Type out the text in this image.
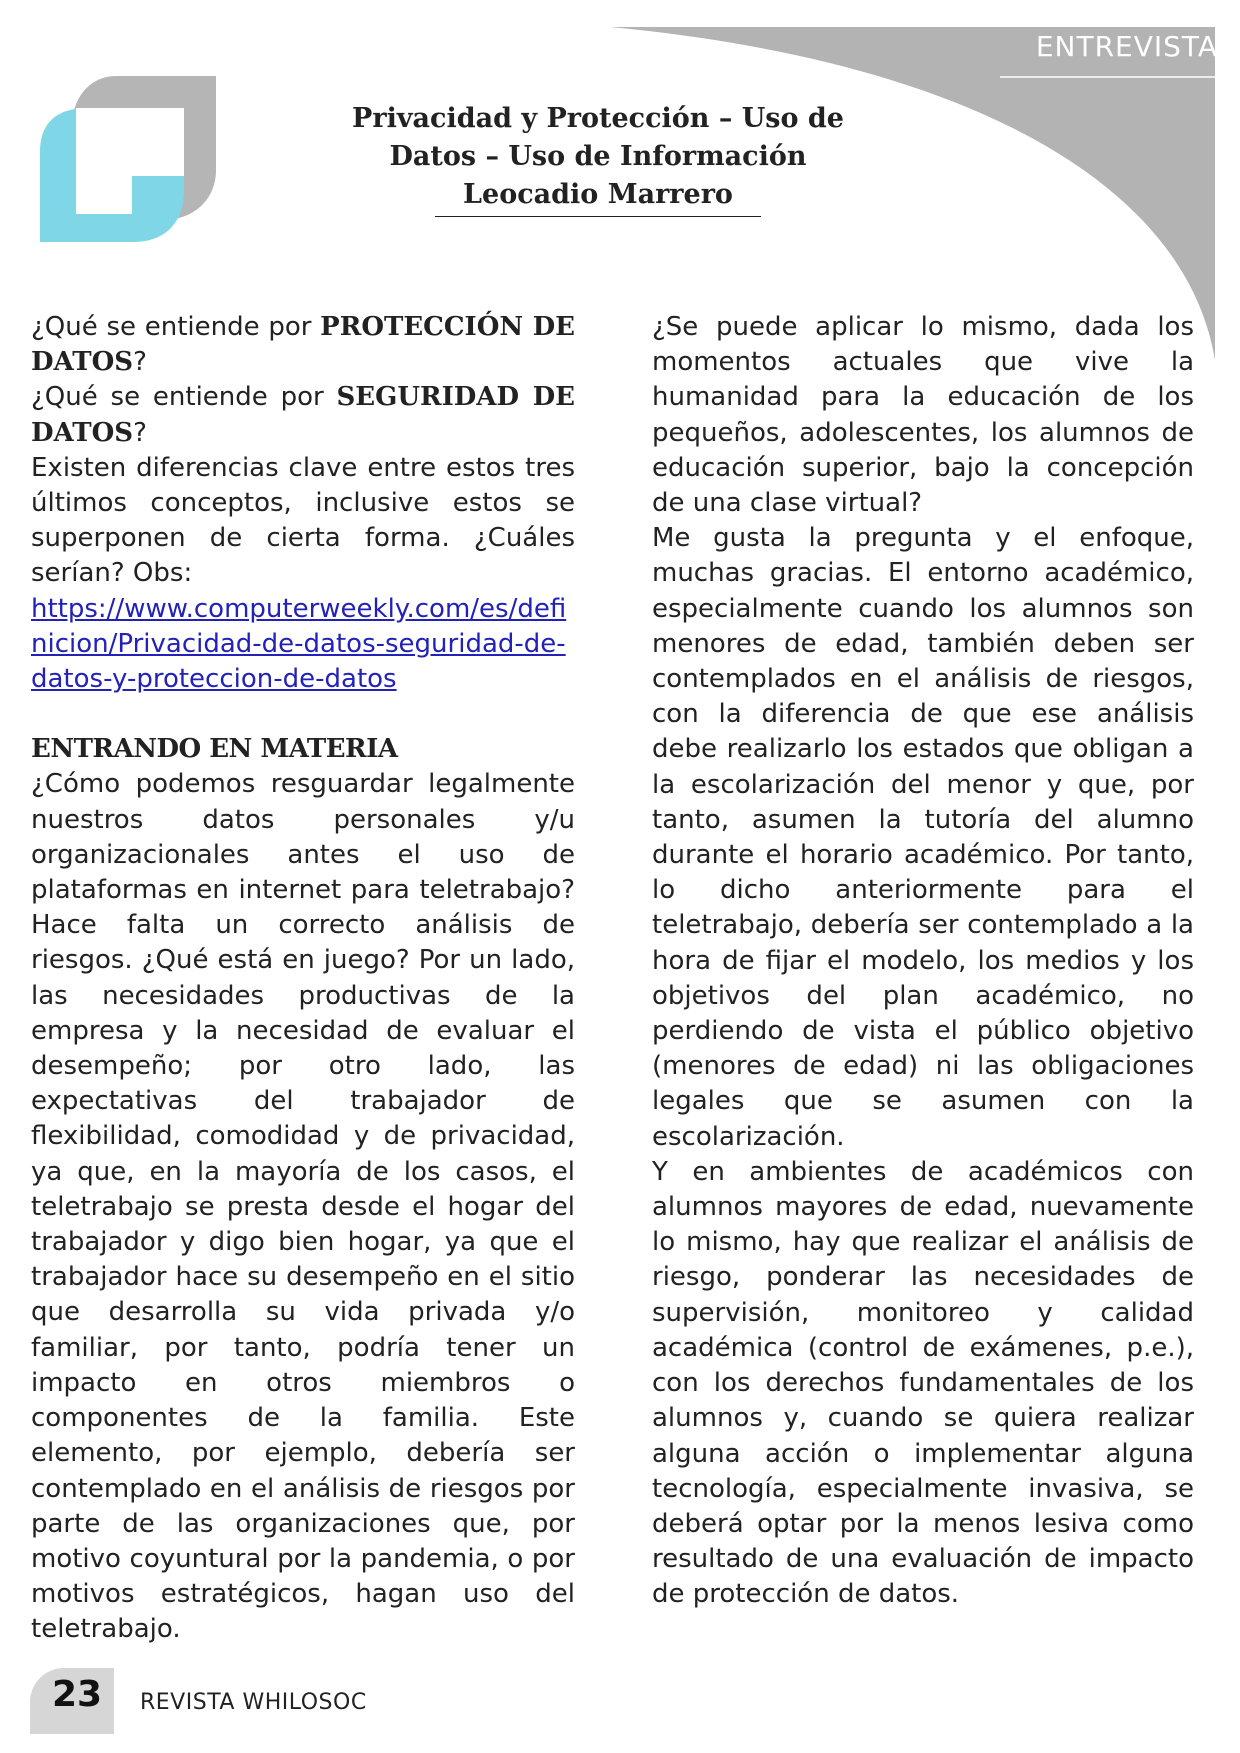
ENTREVISTA
Privacidad y Protección – Uso de
Datos – Uso de Información
Leocadio Marrero

¿Qué se entiende por PROTECCIÓN DE DATOS?

¿Qué se entiende por SEGURIDAD DE DATOS?

Existen diferencias clave entre estos tres últimos conceptos, inclusive estos se superponen de cierta forma. ¿Cuáles serían? Obs:

https://www.computerweekly.com/es/definicion/Privacidad-de-datos-seguridad-de-datos-y-proteccion-de-datos

ENTRANDO EN MATERIA

¿Cómo podemos resguardar legalmente nuestros datos personales y/u organizacionales antes el uso de plataformas en internet para teletrabajo? Hace falta un correcto análisis de riesgos. ¿Qué está en juego? Por un lado, las necesidades productivas de la empresa y la necesidad de evaluar el desempeño; por otro lado, las expectativas del trabajador de flexibilidad, comodidad y de privacidad, ya que, en la mayoría de los casos, el teletrabajo se presta desde el hogar del trabajador y digo bien hogar, ya que el trabajador hace su desempeño en el sitio que desarrolla su vida privada y/o familiar, por tanto, podría tener un impacto en otros miembros o componentes de la familia. Este elemento, por ejemplo, debería ser contemplado en el análisis de riesgos por parte de las organizaciones que, por motivo coyuntural por la pandemia, o por motivos estratégicos, hagan uso del teletrabajo.

¿Se puede aplicar lo mismo, dada los momentos actuales que vive la humanidad para la educación de los pequeños, adolescentes, los alumnos de educación superior, bajo la concepción de una clase virtual?

Me gusta la pregunta y el enfoque, muchas gracias. El entorno académico, especialmente cuando los alumnos son menores de edad, también deben ser contemplados en el análisis de riesgos, con la diferencia de que ese análisis debe realizarlo los estados que obligan a la escolarización del menor y que, por tanto, asumen la tutoría del alumno durante el horario académico. Por tanto, lo dicho anteriormente para el teletrabajo, debería ser contemplado a la hora de fijar el modelo, los medios y los objetivos del plan académico, no perdiendo de vista el público objetivo (menores de edad) ni las obligaciones legales que se asumen con la escolarización.

Y en ambientes de académicos con alumnos mayores de edad, nuevamente lo mismo, hay que realizar el análisis de riesgo, ponderar las necesidades de supervisión, monitoreo y calidad académica (control de exámenes, p.e.), con los derechos fundamentales de los alumnos y, cuando se quiera realizar alguna acción o implementar alguna tecnología, especialmente invasiva, se deberá optar por la menos lesiva como resultado de una evaluación de impacto de protección de datos.

23 REVISTA WHILOSOC
